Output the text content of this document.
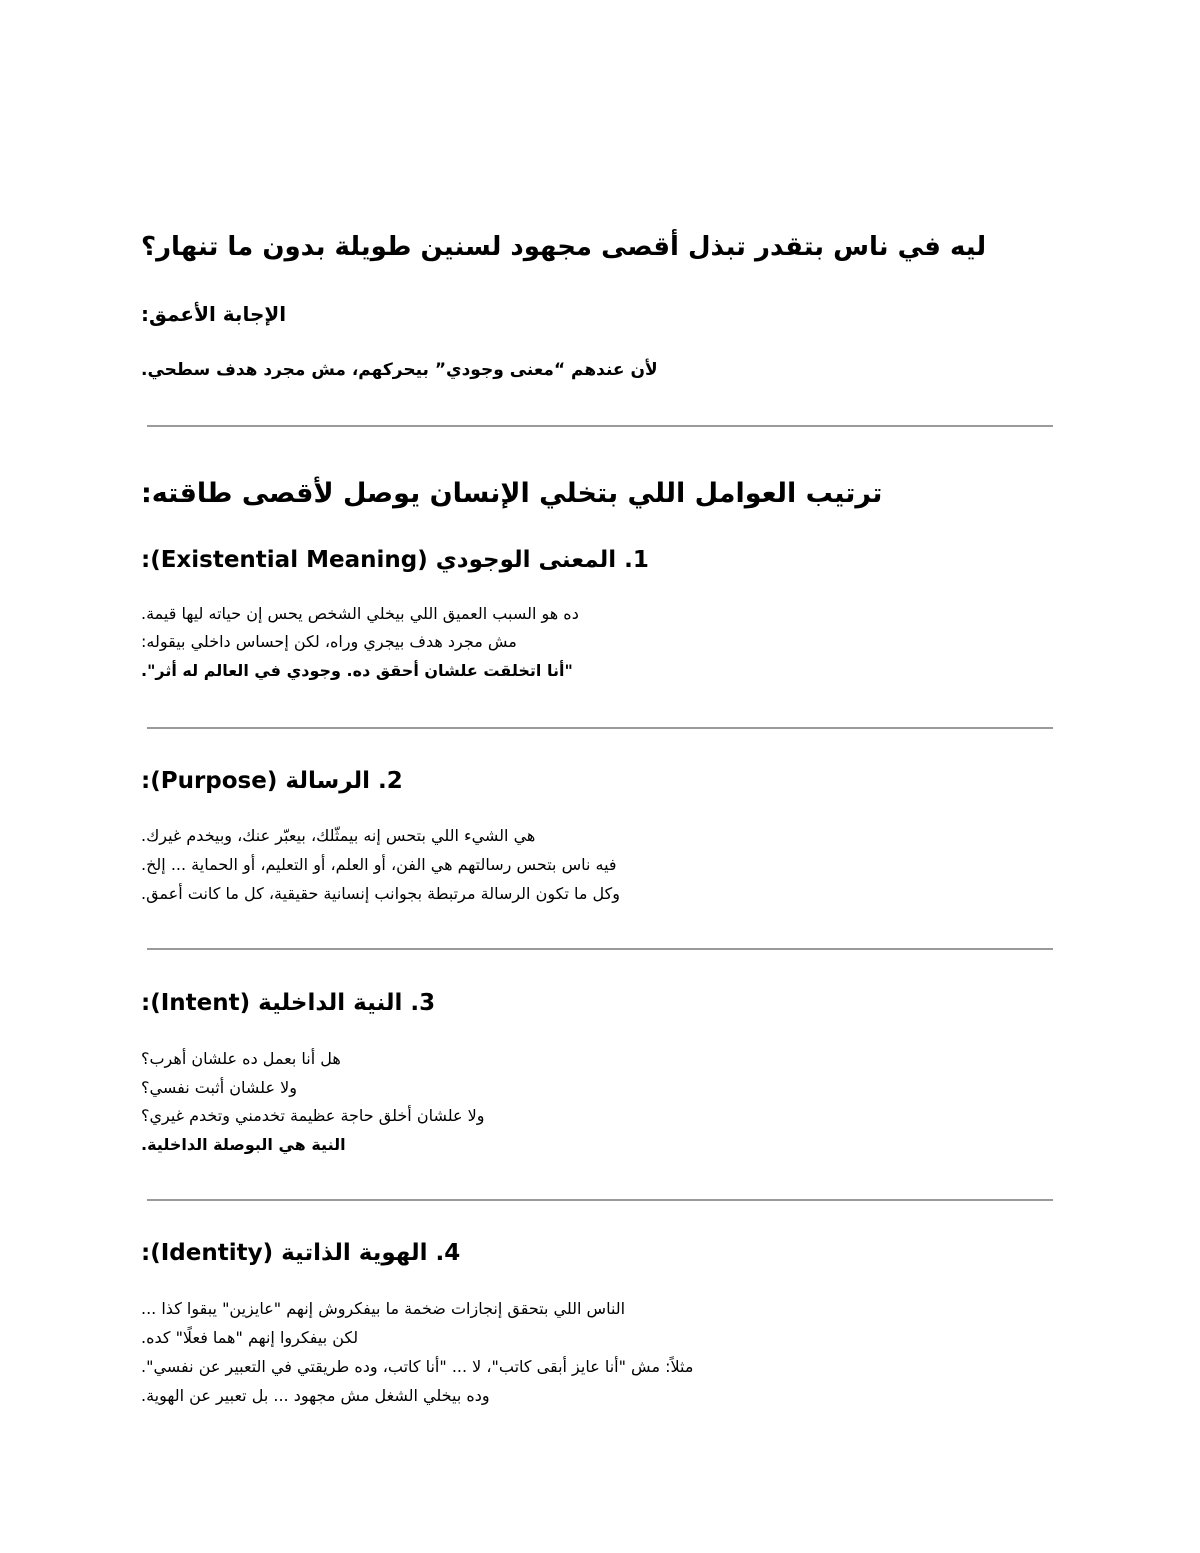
ليه في ناس بتقدر تبذل أقصى مجهود لسنين طويلة بدون ما تنهار؟
الإجابة الأعمق:
لأن عندهم “معنى وجودي” بيحركهم، مش مجرد هدف سطحي.
ترتيب العوامل اللي بتخلي الإنسان يوصل لأقصى طاقته:
1. المعنى الوجودي (Existential Meaning):
ده هو السبب العميق اللي بيخلي الشخص يحس إن حياته ليها قيمة.
مش مجرد هدف بيجري وراه، لكن إحساس داخلي بيقوله:
"أنا اتخلقت علشان أحقق ده. وجودي في العالم له أثر".
2. الرسالة (Purpose):
هي الشيء اللي بتحس إنه بيمثّلك، بيعبّر عنك، وبيخدم غيرك.
فيه ناس بتحس رسالتهم هي الفن، أو العلم، أو التعليم، أو الحماية ... إلخ.
وكل ما تكون الرسالة مرتبطة بجوانب إنسانية حقيقية، كل ما كانت أعمق.
3. النية الداخلية (Intent):
هل أنا بعمل ده علشان أهرب؟
ولا علشان أثبت نفسي؟
ولا علشان أخلق حاجة عظيمة تخدمني وتخدم غيري؟
النية هي البوصلة الداخلية.
4. الهوية الذاتية (Identity):
الناس اللي بتحقق إنجازات ضخمة ما بيفكروش إنهم "عايزين" يبقوا كذا ...
لكن بيفكروا إنهم "هما فعلًا" كده.
مثلاً: مش "أنا عايز أبقى كاتب"، لا ... "أنا كاتب، وده طريقتي في التعبير عن نفسي".
وده بيخلي الشغل مش مجهود ... بل تعبير عن الهوية.
